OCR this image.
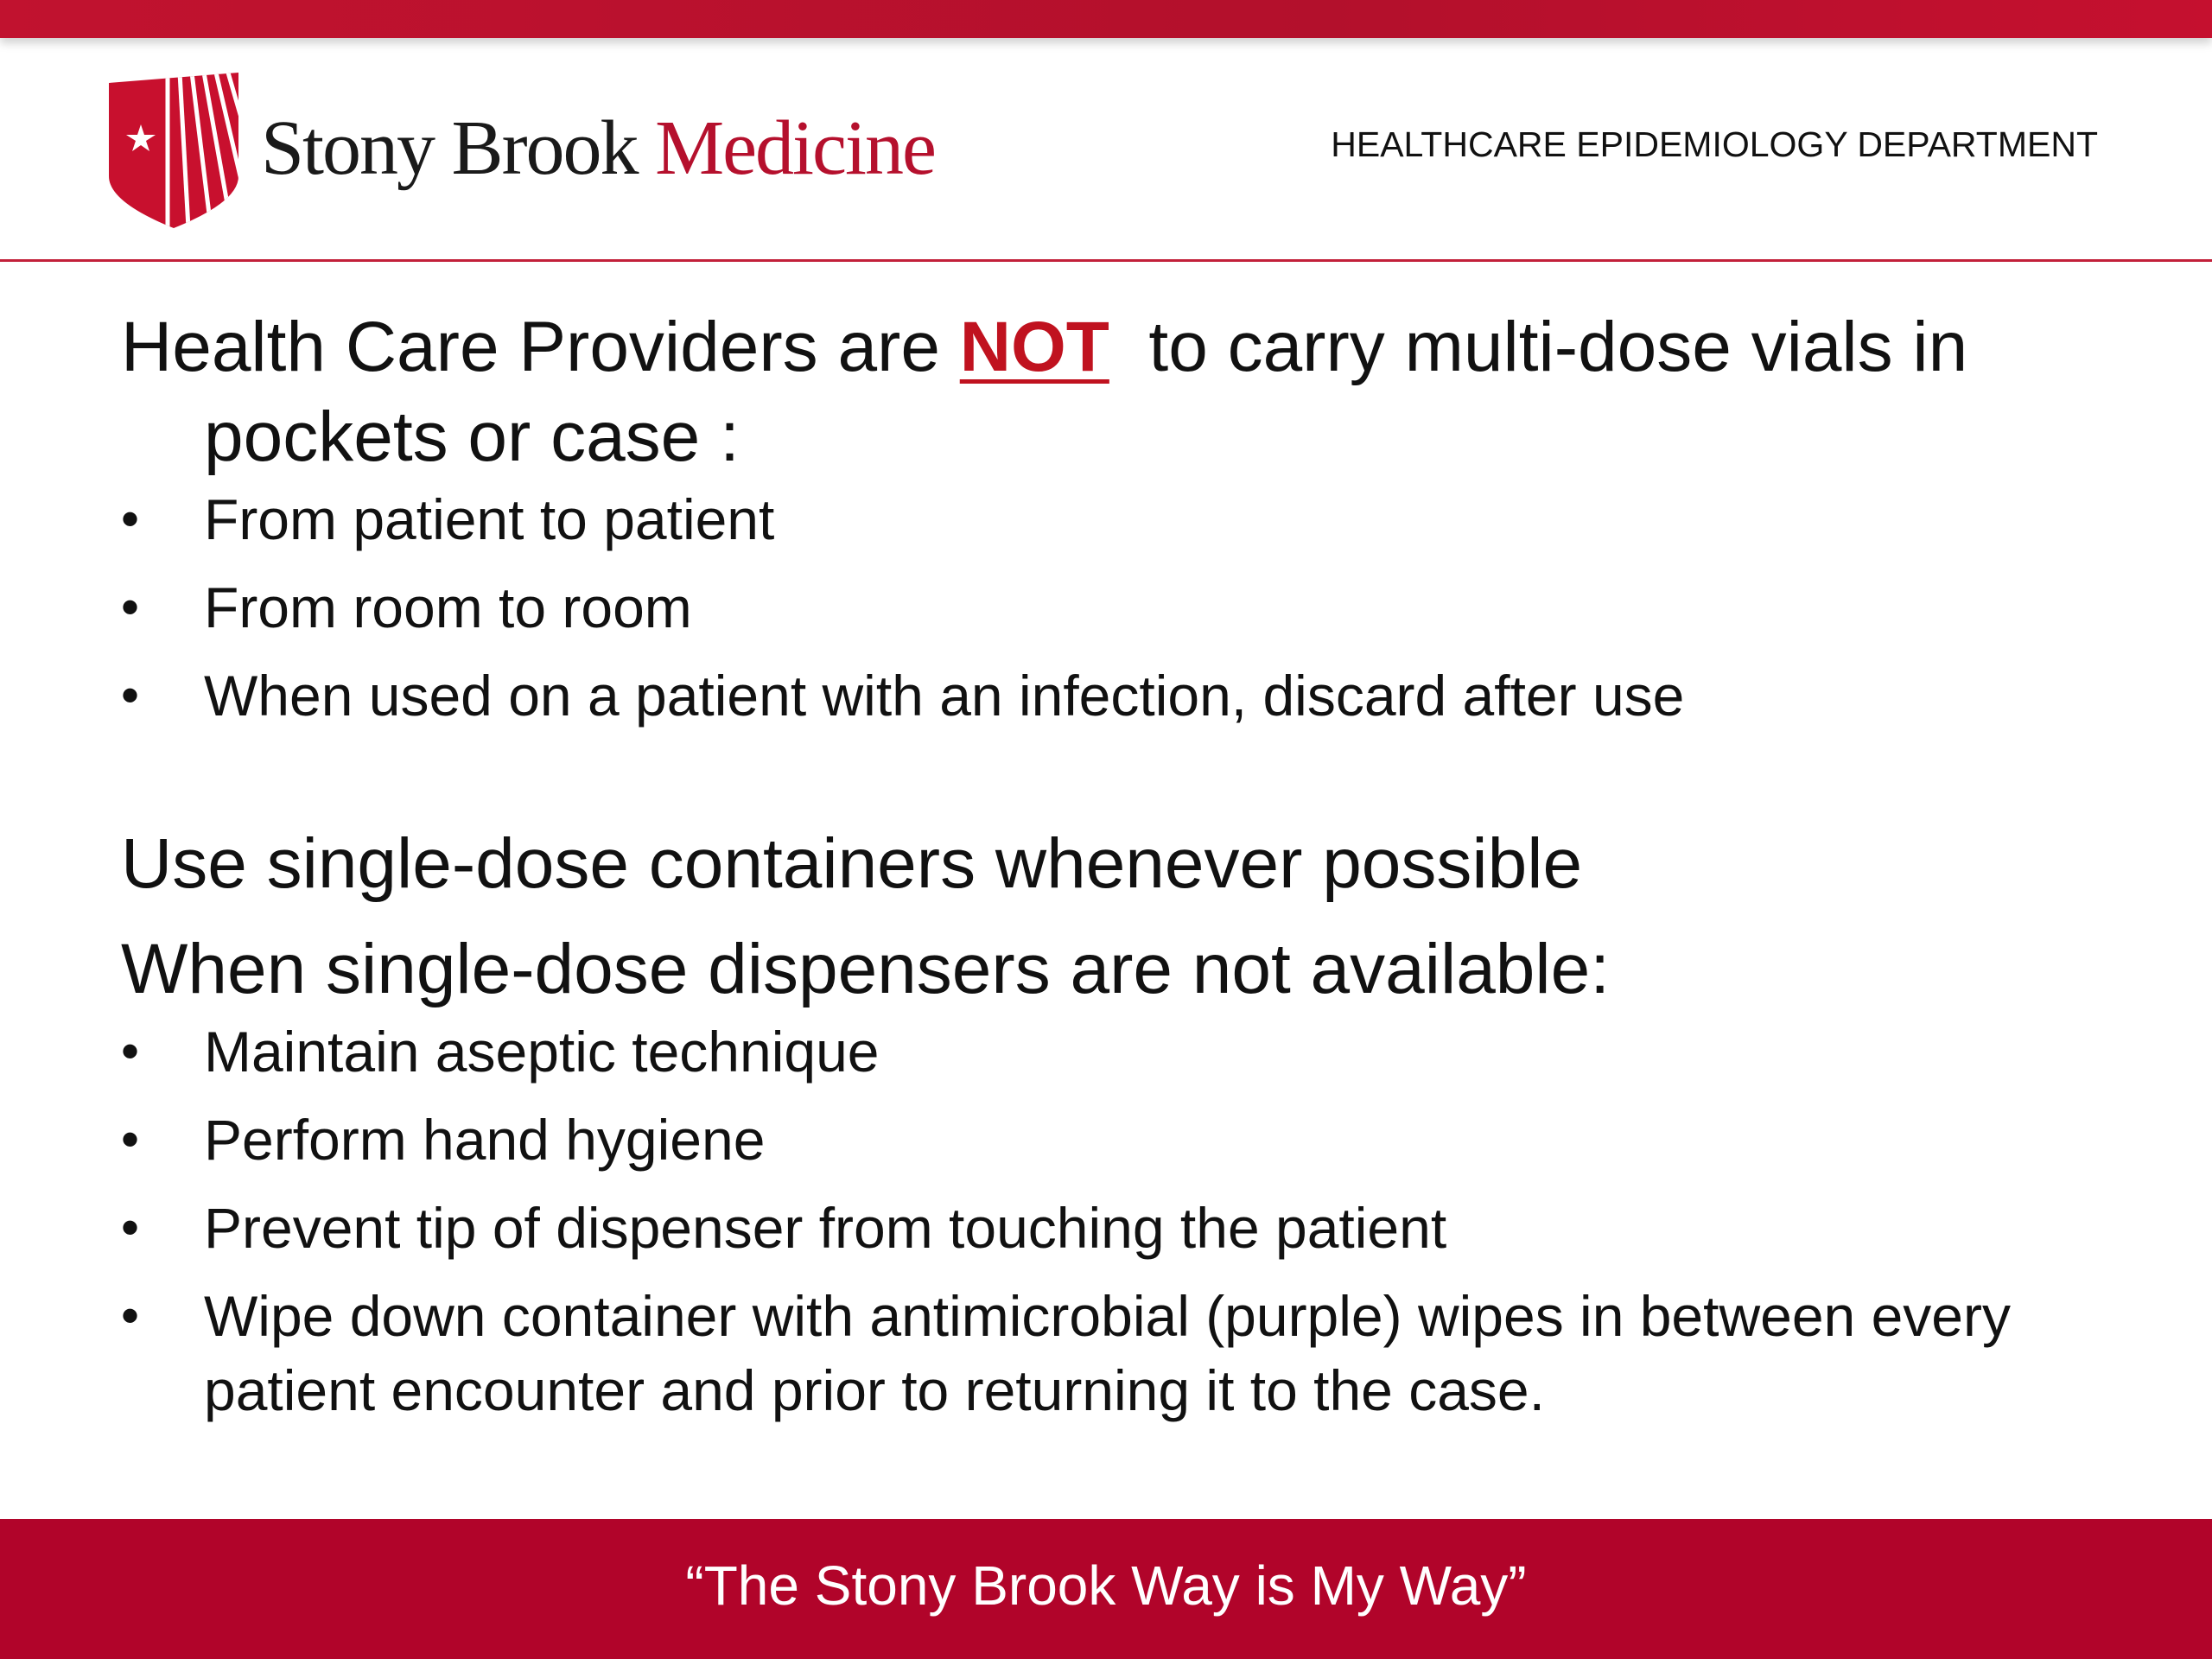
Stony Brook Medicine	HEALTHCARE EPIDEMIOLOGY DEPARTMENT

Health Care Providers are NOT  to carry multi-dose vials in pockets or case :

• From patient to patient
• From room to room
• When used on a patient with an infection, discard after use

Use single-dose containers whenever possible

When single-dose dispensers are not available:

• Maintain aseptic technique
• Perform hand hygiene
• Prevent tip of dispenser from touching the patient
• Wipe down container with antimicrobial (purple) wipes in between every patient encounter and prior to returning it to the case.
“The Stony Brook Way is My Way”
